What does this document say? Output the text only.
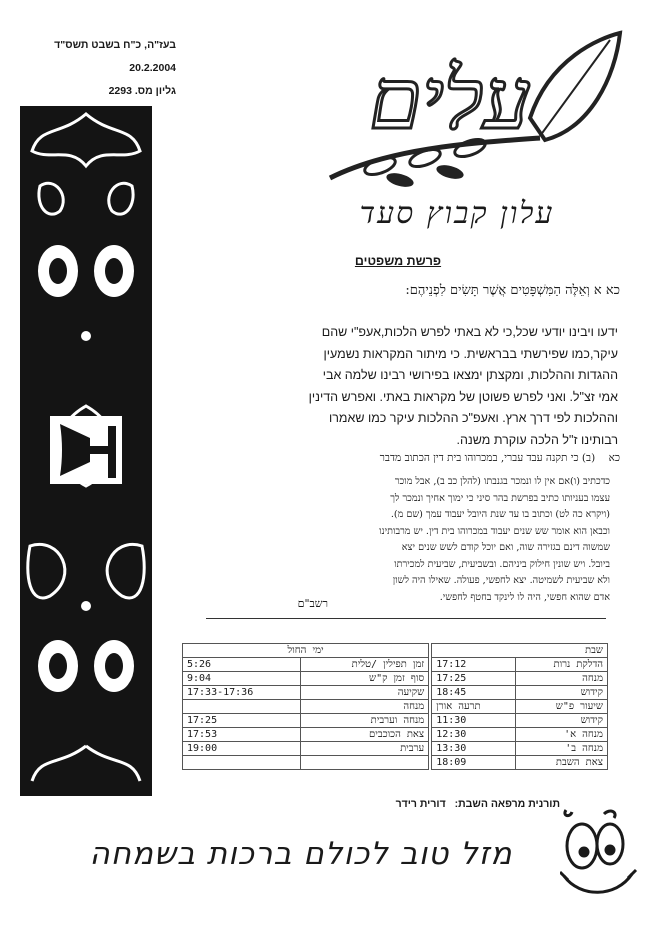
בעז"ה, כ"ח בשבט תשס"ד
20.2.2004
גליון מס. 2293 עלים
עלון קבוץ סעד
פרשת משפטים
כא א וְאֵלֶּה הַמִּשְׁפָּטִים אֲשֶׁר תָּשִׂים לִפְנֵיהֶם:
ידעו ויבינו יודעי שכל,כי לא באתי לפרש הלכות,אעפ"י שהם
עיקר,כמו שפירשתי בבראשית. כי מיתור המקראות נשמעין
ההגדות וההלכות, ומקצתן ימצאו בפירושי רבינו שלמה אבי
אמי זצ"ל. ואני לפרש פשוטן של מקראות באתי. ואפרש הדינין
וההלכות לפי דרך ארץ. ואעפ"כ ההלכות עיקר כמו שאמרו
רבותינו ז"ל הלכה עוקרת משנה.
כא    (ב) כי תקנה עבד עברי, במכרוהו בית דין הכתוב מדבר
כדכתיב (ו)אם אין לו ונמכר בגנבתו (להלן כב ב), אבל מוכר
עצמו בעניותו כתיב בפרשת בהר סיני כי ימוך אחיך ונמכר לך
(ויקרא כה לט) וכתוב בו עד שנת היובל יעבוד עמך (שם מ).
וכבאן הוא אומר שש שנים יעבוד במכרוהו בית דין. יש מרבותינו
שמשוה דינם בגזירה שוה, ואם יוכל קודם לשש שנים יצא
ביובל. ויש שונין חילוק ביניהם. ובשביעית, שביעית למכירתו
ולא שביעית לשמיטה. יצא לחפשי, פעולה. שאילו היה לשון
אדם שהוא חפשי, היה לו לינקד בחטף לחפשי.
רשב"ם
שבת			ימי החול	
הדלקת נרות	17:12		זמן תפילין /טלית	5:26
מנחה	17:25		סוף זמן ק"ש	9:04
קידוש	18:45		שקיעה	17:33-17:36
שיעור פ"ש	תרעה אורן		מנחה	
קידוש	11:30		מנחה וערבית	17:25
מנחה א'	12:30		צאת הכוכבים	17:53
מנחה ב'	13:30		ערבית	19:00
צאת השבת	18:09			
תורנית מרפאה השבת: דורית רידר
מזל טוב לכולם ברכות בשמחה
